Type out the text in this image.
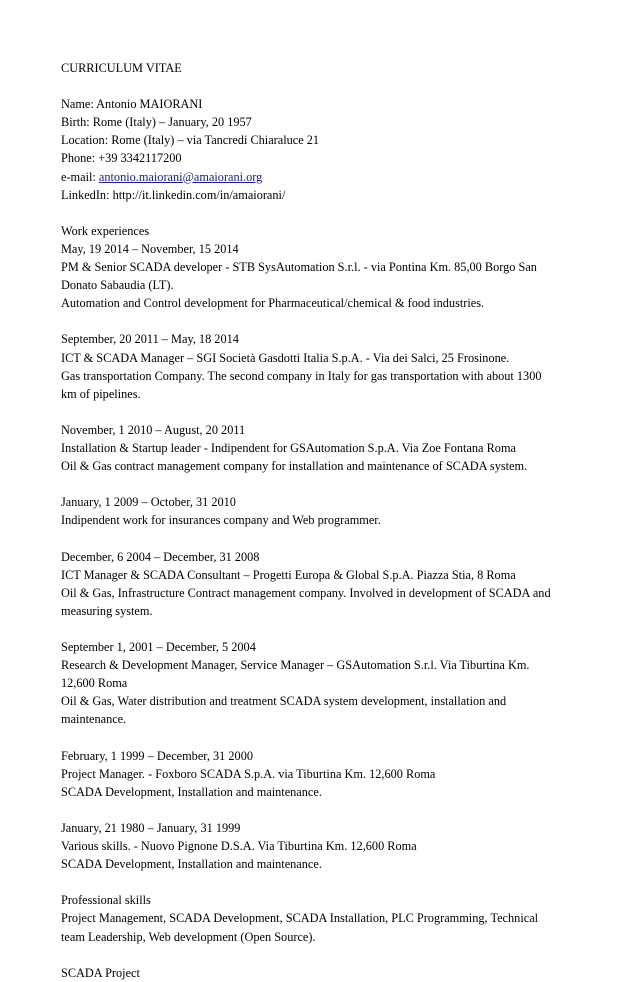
CURRICULUM VITAE
Name: Antonio MAIORANI
Birth: Rome (Italy) – January, 20 1957
Location: Rome (Italy) – via Tancredi Chiaraluce 21
Phone: +39 3342117200
e-mail: antonio.maiorani@amaiorani.org
LinkedIn: http://it.linkedin.com/in/amaiorani/
Work experiences
May, 19 2014 – November, 15 2014
PM & Senior SCADA developer - STB SysAutomation S.r.l. - via Pontina Km. 85,00 Borgo San
Donato Sabaudia (LT).
Automation and Control development for Pharmaceutical/chemical & food industries.
September, 20 2011 – May, 18 2014
ICT & SCADA Manager – SGI Società Gasdotti Italia S.p.A. - Via dei Salci, 25 Frosinone.
Gas transportation Company. The second company in Italy for gas transportation with about 1300
km of pipelines.
November, 1 2010 – August, 20 2011
Installation & Startup leader - Indipendent for GSAutomation S.p.A. Via Zoe Fontana Roma
Oil & Gas contract management company for installation and maintenance of SCADA system.
January, 1 2009 – October, 31 2010
Indipendent work for insurances company and Web programmer.
December, 6 2004 – December, 31 2008
ICT Manager & SCADA Consultant – Progetti Europa & Global S.p.A. Piazza Stia, 8 Roma
Oil & Gas, Infrastructure Contract management company. Involved in development of SCADA and
measuring system.
September 1, 2001 – December, 5 2004
Research & Development Manager, Service Manager – GSAutomation S.r.l. Via Tiburtina Km.
12,600 Roma
Oil & Gas, Water distribution and treatment SCADA system development, installation and
maintenance.
February, 1 1999 – December, 31 2000
Project Manager. - Foxboro SCADA S.p.A. via Tiburtina Km. 12,600 Roma
SCADA Development, Installation and maintenance.
January, 21 1980 – January, 31 1999
Various skills. - Nuovo Pignone D.S.A. Via Tiburtina Km. 12,600 Roma
SCADA Development, Installation and maintenance.
Professional skills
Project Management, SCADA Development, SCADA Installation, PLC Programming, Technical
team Leadership, Web development (Open Source).
SCADA Project
